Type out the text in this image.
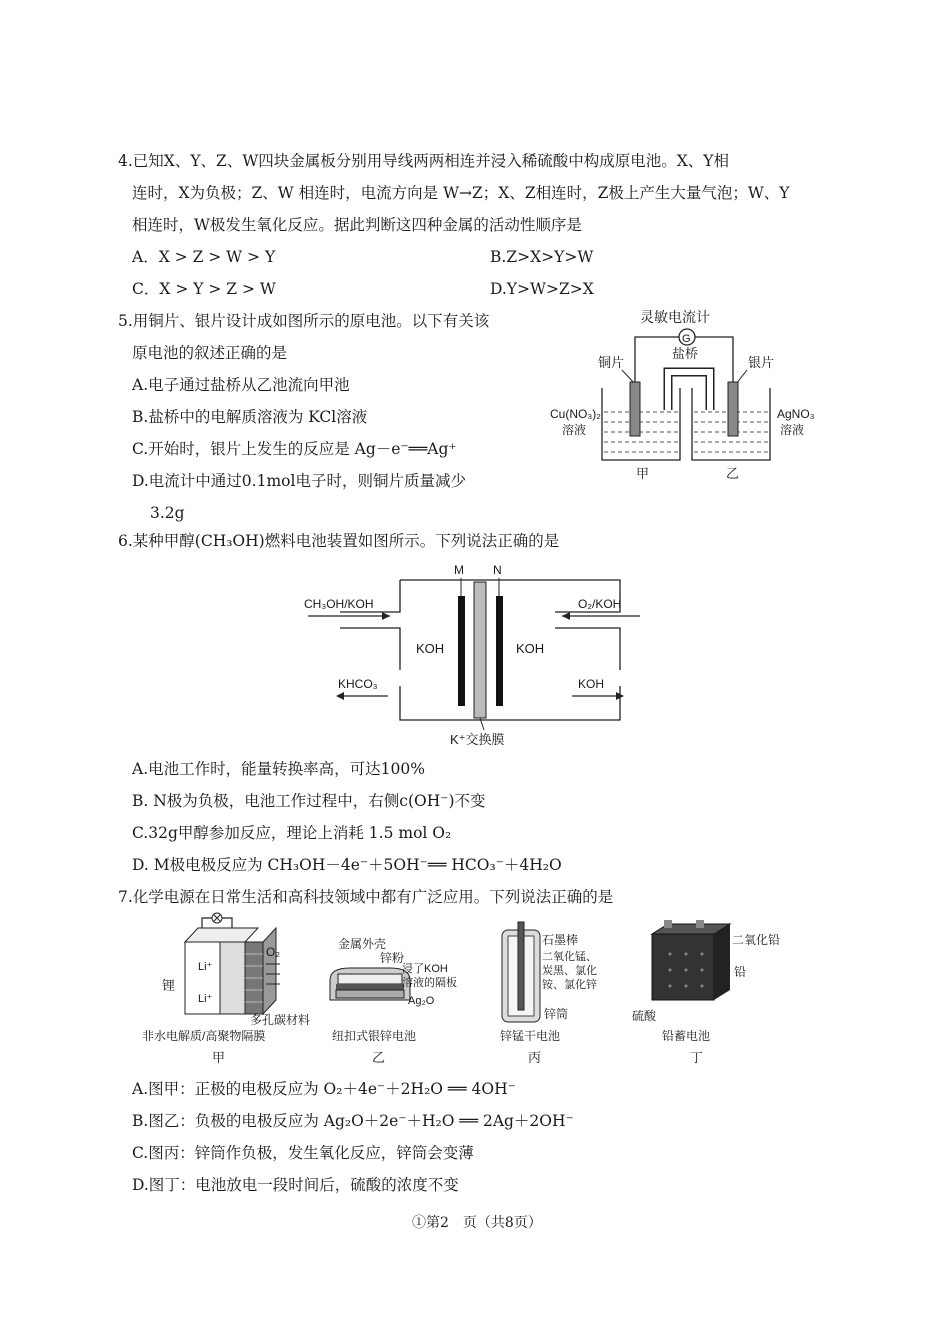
4.已知X、Y、Z、W四块金属板分别用导线两两相连并浸入稀硫酸中构成原电池。X、Y相
连时，X为负极；Z、W 相连时，电流方向是 W→Z；X、Z相连时，Z极上产生大量气泡；W、Y
相连时，W极发生氧化反应。据此判断这四种金属的活动性顺序是
A．X > Z > W > Y	B.Z>X>Y>W
C．X > Y > Z > W	D.Y>W>Z>X
5.用铜片、银片设计成如图所示的原电池。以下有关该
原电池的叙述正确的是
A.电子通过盐桥从乙池流向甲池
B.盐桥中的电解质溶液为 KCl溶液
C.开始时，银片上发生的反应是 Ag－e⁻══Ag⁺
D.电流计中通过0.1mol电子时，则铜片质量减少
3.2g
灵敏电流计
G
盐桥
铜片	银片
Cu(NO₃)₂
溶液
AgNO₃
溶液
甲	乙
6.某种甲醇(CH₃OH)燃料电池装置如图所示。下列说法正确的是
M N
CH₃OH/KOH	O₂/KOH
KOH	KOH
KHCO₃	KOH
K⁺交换膜
A.电池工作时，能量转换率高，可达100%
B. N极为负极，电池工作过程中，右侧c(OH⁻)不变
C.32g甲醇参加反应，理论上消耗 1.5 mol O₂
D. M极电极反应为 CH₃OH－4e⁻＋5OH⁻══ HCO₃⁻＋4H₂O
7.化学电源在日常生活和高科技领域中都有广泛应用。下列说法正确的是
O₂
Li⁺
Li⁺
锂
多孔碳材料
非水电解质/高聚物隔膜
甲
金属外壳
锌粉
浸了KOH
溶液的隔板
Ag₂O
纽扣式银锌电池
乙
石墨棒
二氧化锰、
炭黑、氯化
铵、氯化锌
锌筒
锌锰干电池
丙
二氧化铅
铅
硫酸
铅蓄电池
丁
A.图甲：正极的电极反应为 O₂＋4e⁻＋2H₂O ══ 4OH⁻
B.图乙：负极的电极反应为 Ag₂O＋2e⁻＋H₂O ══ 2Ag＋2OH⁻
C.图丙：锌筒作负极，发生氧化反应，锌筒会变薄
D.图丁：电池放电一段时间后，硫酸的浓度不变
①第2　页（共8页）
